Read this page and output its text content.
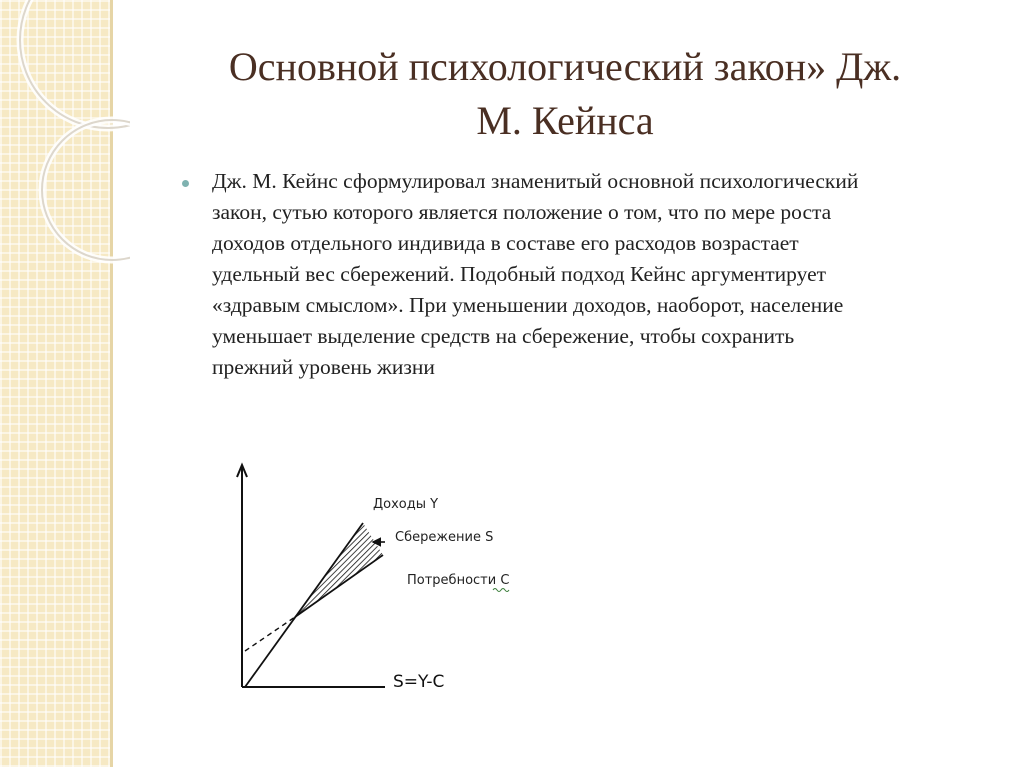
Основной психологический закон» Дж.
М. Кейнса

Дж. М. Кейнс сформулировал знаменитый основной психологический
закон, сутью которого является положение о том, что по мере роста
доходов отдельного индивида в составе его расходов возрастает
удельный вес сбережений. Подобный подход Кейнс аргументирует
«здравым смыслом». При уменьшении доходов, наоборот, население
уменьшает выделение средств на сбережение, чтобы сохранить
прежний уровень жизни

Доходы Y
Сбережение S
Потребности С
S=Y-C
